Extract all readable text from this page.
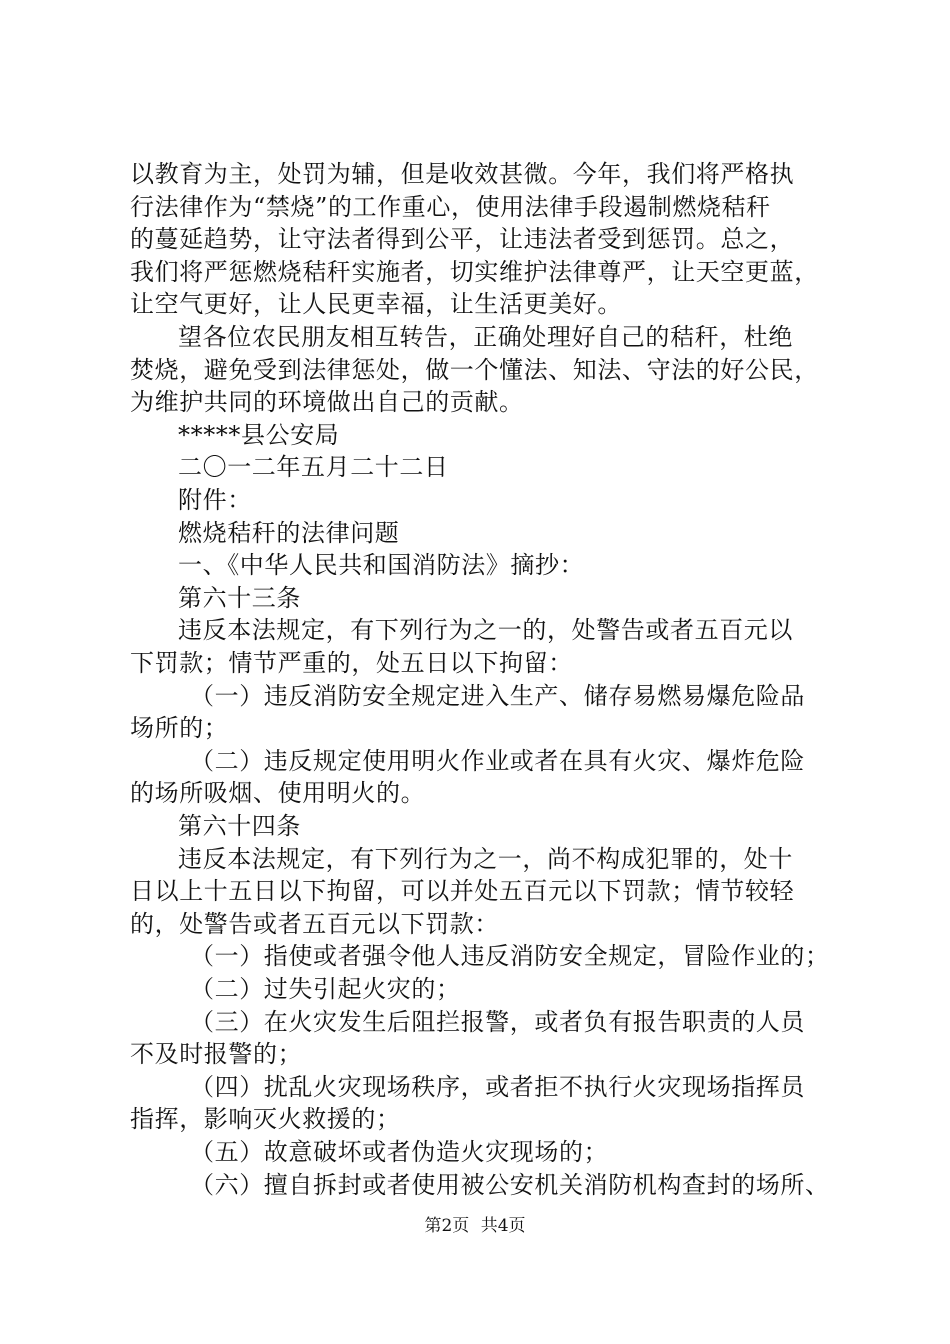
以教育为主，处罚为辅，但是收效甚微。今年，我们将严格执
行法律作为“禁烧”的工作重心，使用法律手段遏制燃烧秸秆
的蔓延趋势，让守法者得到公平，让违法者受到惩罚。总之，
我们将严惩燃烧秸秆实施者，切实维护法律尊严，让天空更蓝，
让空气更好，让人民更幸福，让生活更美好。
望各位农民朋友相互转告，正确处理好自己的秸秆，杜绝
焚烧，避免受到法律惩处，做一个懂法、知法、守法的好公民，
为维护共同的环境做出自己的贡献。
*****县公安局
二〇一二年五月二十二日
附件：
燃烧秸秆的法律问题
一、《中华人民共和国消防法》摘抄：
第六十三条
违反本法规定，有下列行为之一的，处警告或者五百元以
下罚款；情节严重的，处五日以下拘留：
（一）违反消防安全规定进入生产、储存易燃易爆危险品
场所的；
（二）违反规定使用明火作业或者在具有火灾、爆炸危险
的场所吸烟、使用明火的。
第六十四条
违反本法规定，有下列行为之一，尚不构成犯罪的，处十
日以上十五日以下拘留，可以并处五百元以下罚款；情节较轻
的，处警告或者五百元以下罚款：
（一）指使或者强令他人违反消防安全规定，冒险作业的；
（二）过失引起火灾的；
（三）在火灾发生后阻拦报警，或者负有报告职责的人员
不及时报警的；
（四）扰乱火灾现场秩序，或者拒不执行火灾现场指挥员
指挥，影响灭火救援的；
（五）故意破坏或者伪造火灾现场的；
（六）擅自拆封或者使用被公安机关消防机构查封的场所、
第2页 共4页
